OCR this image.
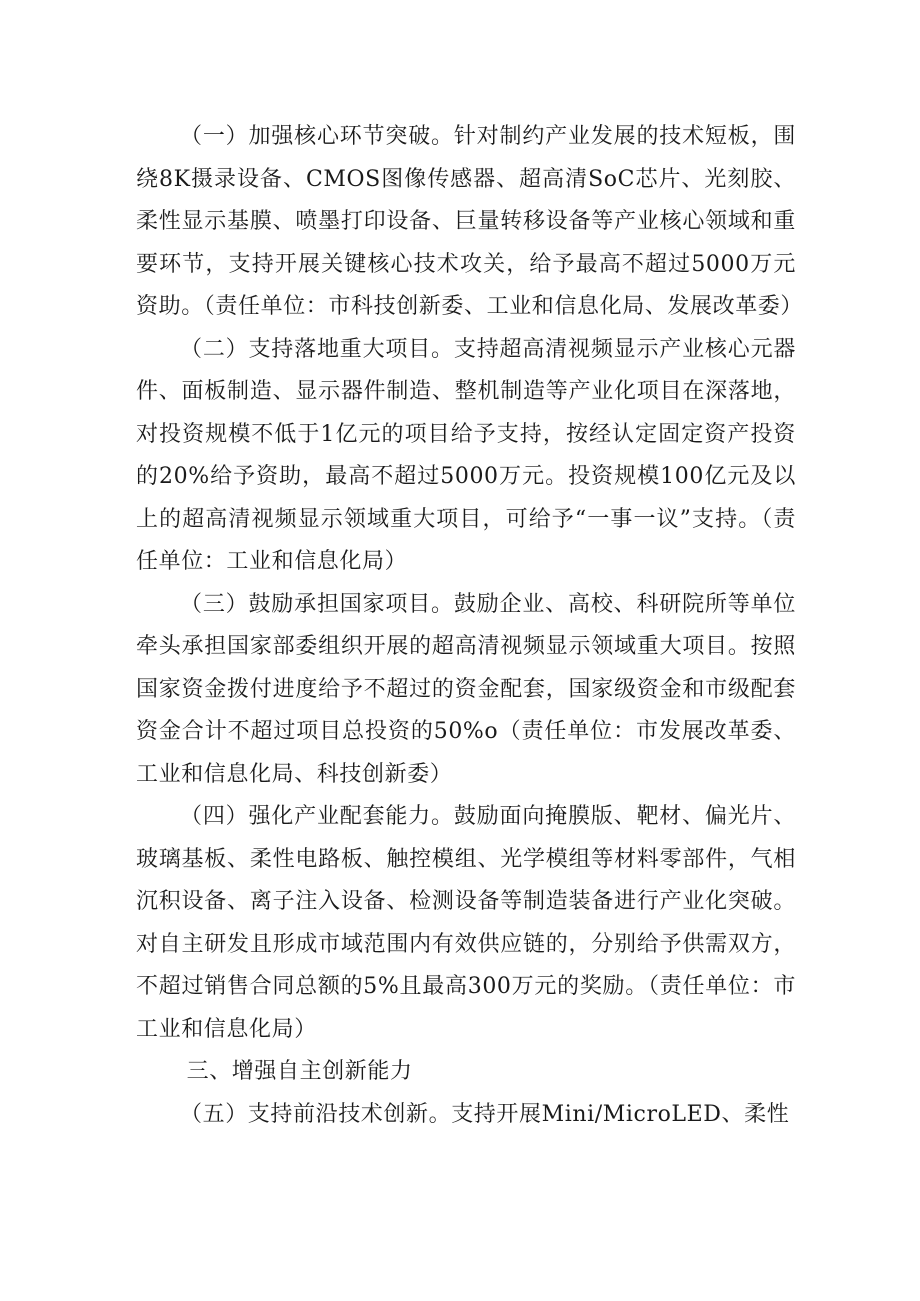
（一）加强核心环节突破。针对制约产业发展的技术短板，围绕8K摄录设备、CMOS图像传感器、超高清SoC芯片、光刻胶、柔性显示基膜、喷墨打印设备、巨量转移设备等产业核心领域和重要环节，支持开展关键核心技术攻关，给予最高不超过5000万元资助。（责任单位：市科技创新委、工业和信息化局、发展改革委）

（二）支持落地重大项目。支持超高清视频显示产业核心元器件、面板制造、显示器件制造、整机制造等产业化项目在深落地，对投资规模不低于1亿元的项目给予支持，按经认定固定资产投资的20%给予资助，最高不超过5000万元。投资规模100亿元及以上的超高清视频显示领域重大项目，可给予“一事一议”支持。（责任单位：工业和信息化局）

（三）鼓励承担国家项目。鼓励企业、高校、科研院所等单位牵头承担国家部委组织开展的超高清视频显示领域重大项目。按照国家资金拨付进度给予不超过的资金配套，国家级资金和市级配套资金合计不超过项目总投资的50%o（责任单位：市发展改革委、工业和信息化局、科技创新委）

（四）强化产业配套能力。鼓励面向掩膜版、靶材、偏光片、玻璃基板、柔性电路板、触控模组、光学模组等材料零部件，气相沉积设备、离子注入设备、检测设备等制造装备进行产业化突破。对自主研发且形成市域范围内有效供应链的，分别给予供需双方，不超过销售合同总额的5%且最高300万元的奖励。（责任单位：市工业和信息化局）

三、增强自主创新能力

（五）支持前沿技术创新。支持开展Mini/MicroLED、柔性
